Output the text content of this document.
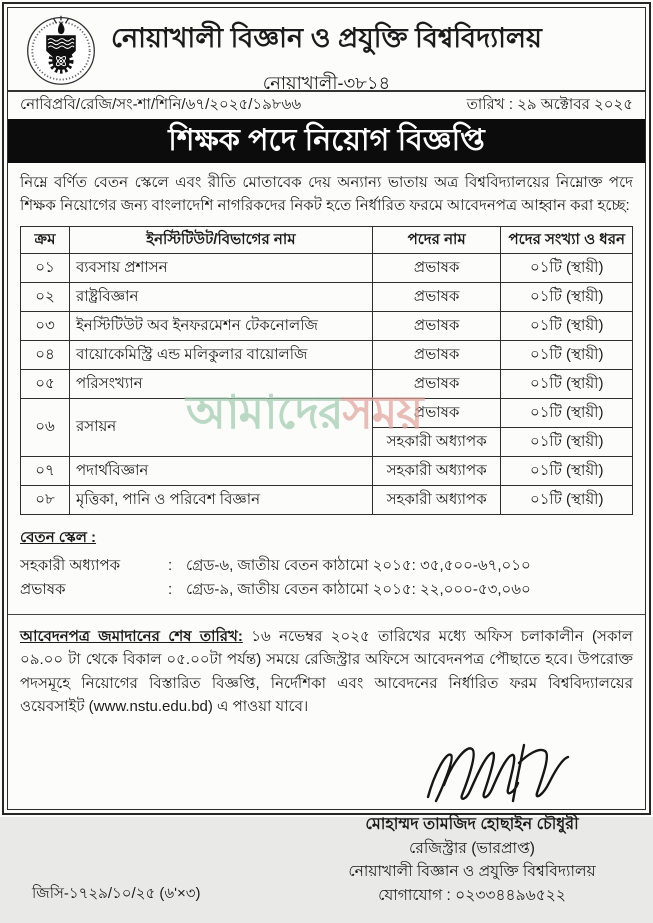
NS TU	নোয়াখালী বিজ্ঞান ও প্রযুক্তি বিশ্ববিদ্যালয়
নোয়াখালী-৩৮১৪
নোবিপ্রবি/রেজি/সং-শা/শিনি/৬৭/২০২৫/১৯৮৬৬	তারিখ : ২৯ অক্টোবর ২০২৫
শিক্ষক পদে নিয়োগ বিজ্ঞপ্তি

নিম্নে বর্ণিত বেতন স্কেলে এবং রীতি মোতাবেক দেয় অন্যান্য ভাতায় অত্র বিশ্ববিদ্যালয়ের নিম্নোক্ত পদে শিক্ষক নিয়োগের জন্য বাংলাদেশি নাগরিকদের নিকট হতে নির্ধারিত ফরমে আবেদনপত্র আহ্বান করা হচ্ছে:

ক্রম	ইনস্টিটিউট/বিভাগের নাম	পদের নাম	পদের সংখ্যা ও ধরন
০১	ব্যবসায় প্রশাসন	প্রভাষক	০১টি (স্থায়ী)
০২	রাষ্ট্রবিজ্ঞান	প্রভাষক	০১টি (স্থায়ী)
০৩	ইনস্টিটিউট অব ইনফরমেশন টেকনোলজি	প্রভাষক	০১টি (স্থায়ী)
০৪	বায়োকেমিস্ট্রি এন্ড মলিকুলার বায়োলজি	প্রভাষক	০১টি (স্থায়ী)
০৫	পরিসংখ্যান	প্রভাষক	০১টি (স্থায়ী)
০৬	রসায়ন	প্রভাষক	০১টি (স্থায়ী)
		সহকারী অধ্যাপক	০১টি (স্থায়ী)
০৭	পদার্থবিজ্ঞান	সহকারী অধ্যাপক	০১টি (স্থায়ী)
০৮	মৃত্তিকা, পানি ও পরিবেশ বিজ্ঞান	সহকারী অধ্যাপক	০১টি (স্থায়ী)
বেতন স্কেল :
সহকারী অধ্যাপক	: গ্রেড-৬, জাতীয় বেতন কাঠামো ২০১৫: ৩৫,৫০০-৬৭,০১০
প্রভাষক	: গ্রেড-৯, জাতীয় বেতন কাঠামো ২০১৫: ২২,০০০-৫৩,০৬০

আবেদনপত্র জমাদানের শেষ তারিখ: ১৬ নভেম্বর ২০২৫ তারিখের মধ্যে অফিস চলাকালীন (সকাল ০৯.০০ টা থেকে বিকাল ০৫.০০টা পর্যন্ত) সময়ে রেজিস্ট্রার অফিসে আবেদনপত্র পৌছাতে হবে। উপরোক্ত পদসমূহে নিয়োগের বিস্তারিত বিজ্ঞপ্তি, নির্দেশিকা এবং আবেদনের নির্ধারিত ফরম বিশ্ববিদ্যালয়ের ওয়েবসাইট (www.nstu.edu.bd) এ পাওয়া যাবে।

মোহাম্মদ তামজিদ হোছাইন চৌধুরী
রেজিস্ট্রার (ভারপ্রাপ্ত)
নোয়াখালী বিজ্ঞান ও প্রযুক্তি বিশ্ববিদ্যালয়
যোগাযোগ : ০২৩৩৪৪৯৬৫২২
জিসি-১৭২৯/১০/২৫ (৬ʹ×৩)
আমাদেরসময়
